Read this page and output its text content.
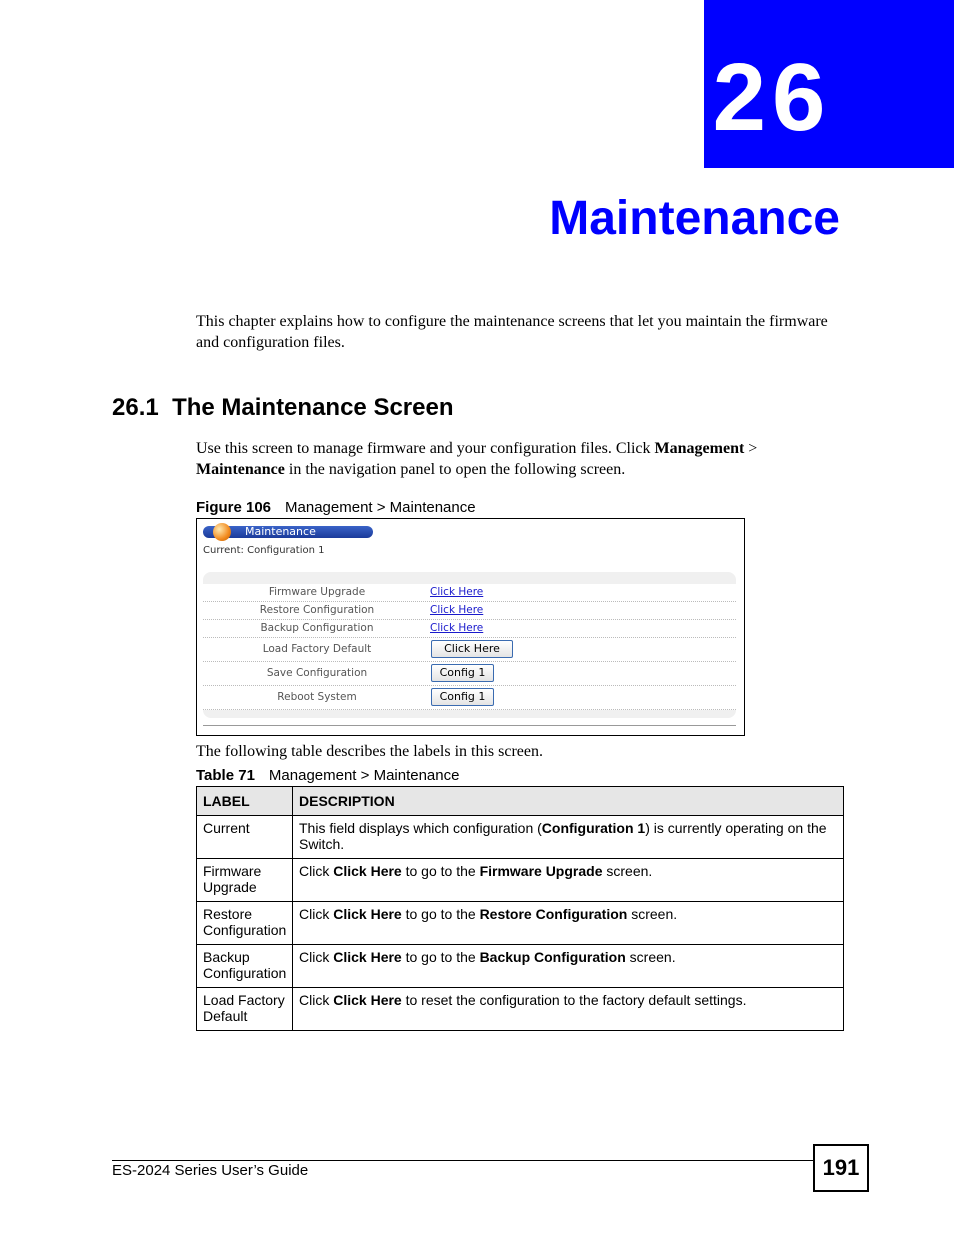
26
Maintenance
This chapter explains how to configure the maintenance screens that let you maintain the firmware and configuration files.
26.1 The Maintenance Screen
Use this screen to manage firmware and your configuration files. Click Management > Maintenance in the navigation panel to open the following screen.
Figure 106 Management > Maintenance
Maintenance
Current: Configuration 1
Firmware Upgrade	Click Here
Restore Configuration	Click Here
Backup Configuration	Click Here
Load Factory Default	Click Here
Save Configuration	Config 1
Reboot System	Config 1
The following table describes the labels in this screen.
Table 71 Management > Maintenance
LABEL	DESCRIPTION
Current	This field displays which configuration (Configuration 1) is currently operating on the Switch.
Firmware Upgrade	Click Click Here to go to the Firmware Upgrade screen.
Restore Configuration	Click Click Here to go to the Restore Configuration screen.
Backup Configuration	Click Click Here to go to the Backup Configuration screen.
Load Factory Default	Click Click Here to reset the configuration to the factory default settings.
ES-2024 Series User’s Guide	191
